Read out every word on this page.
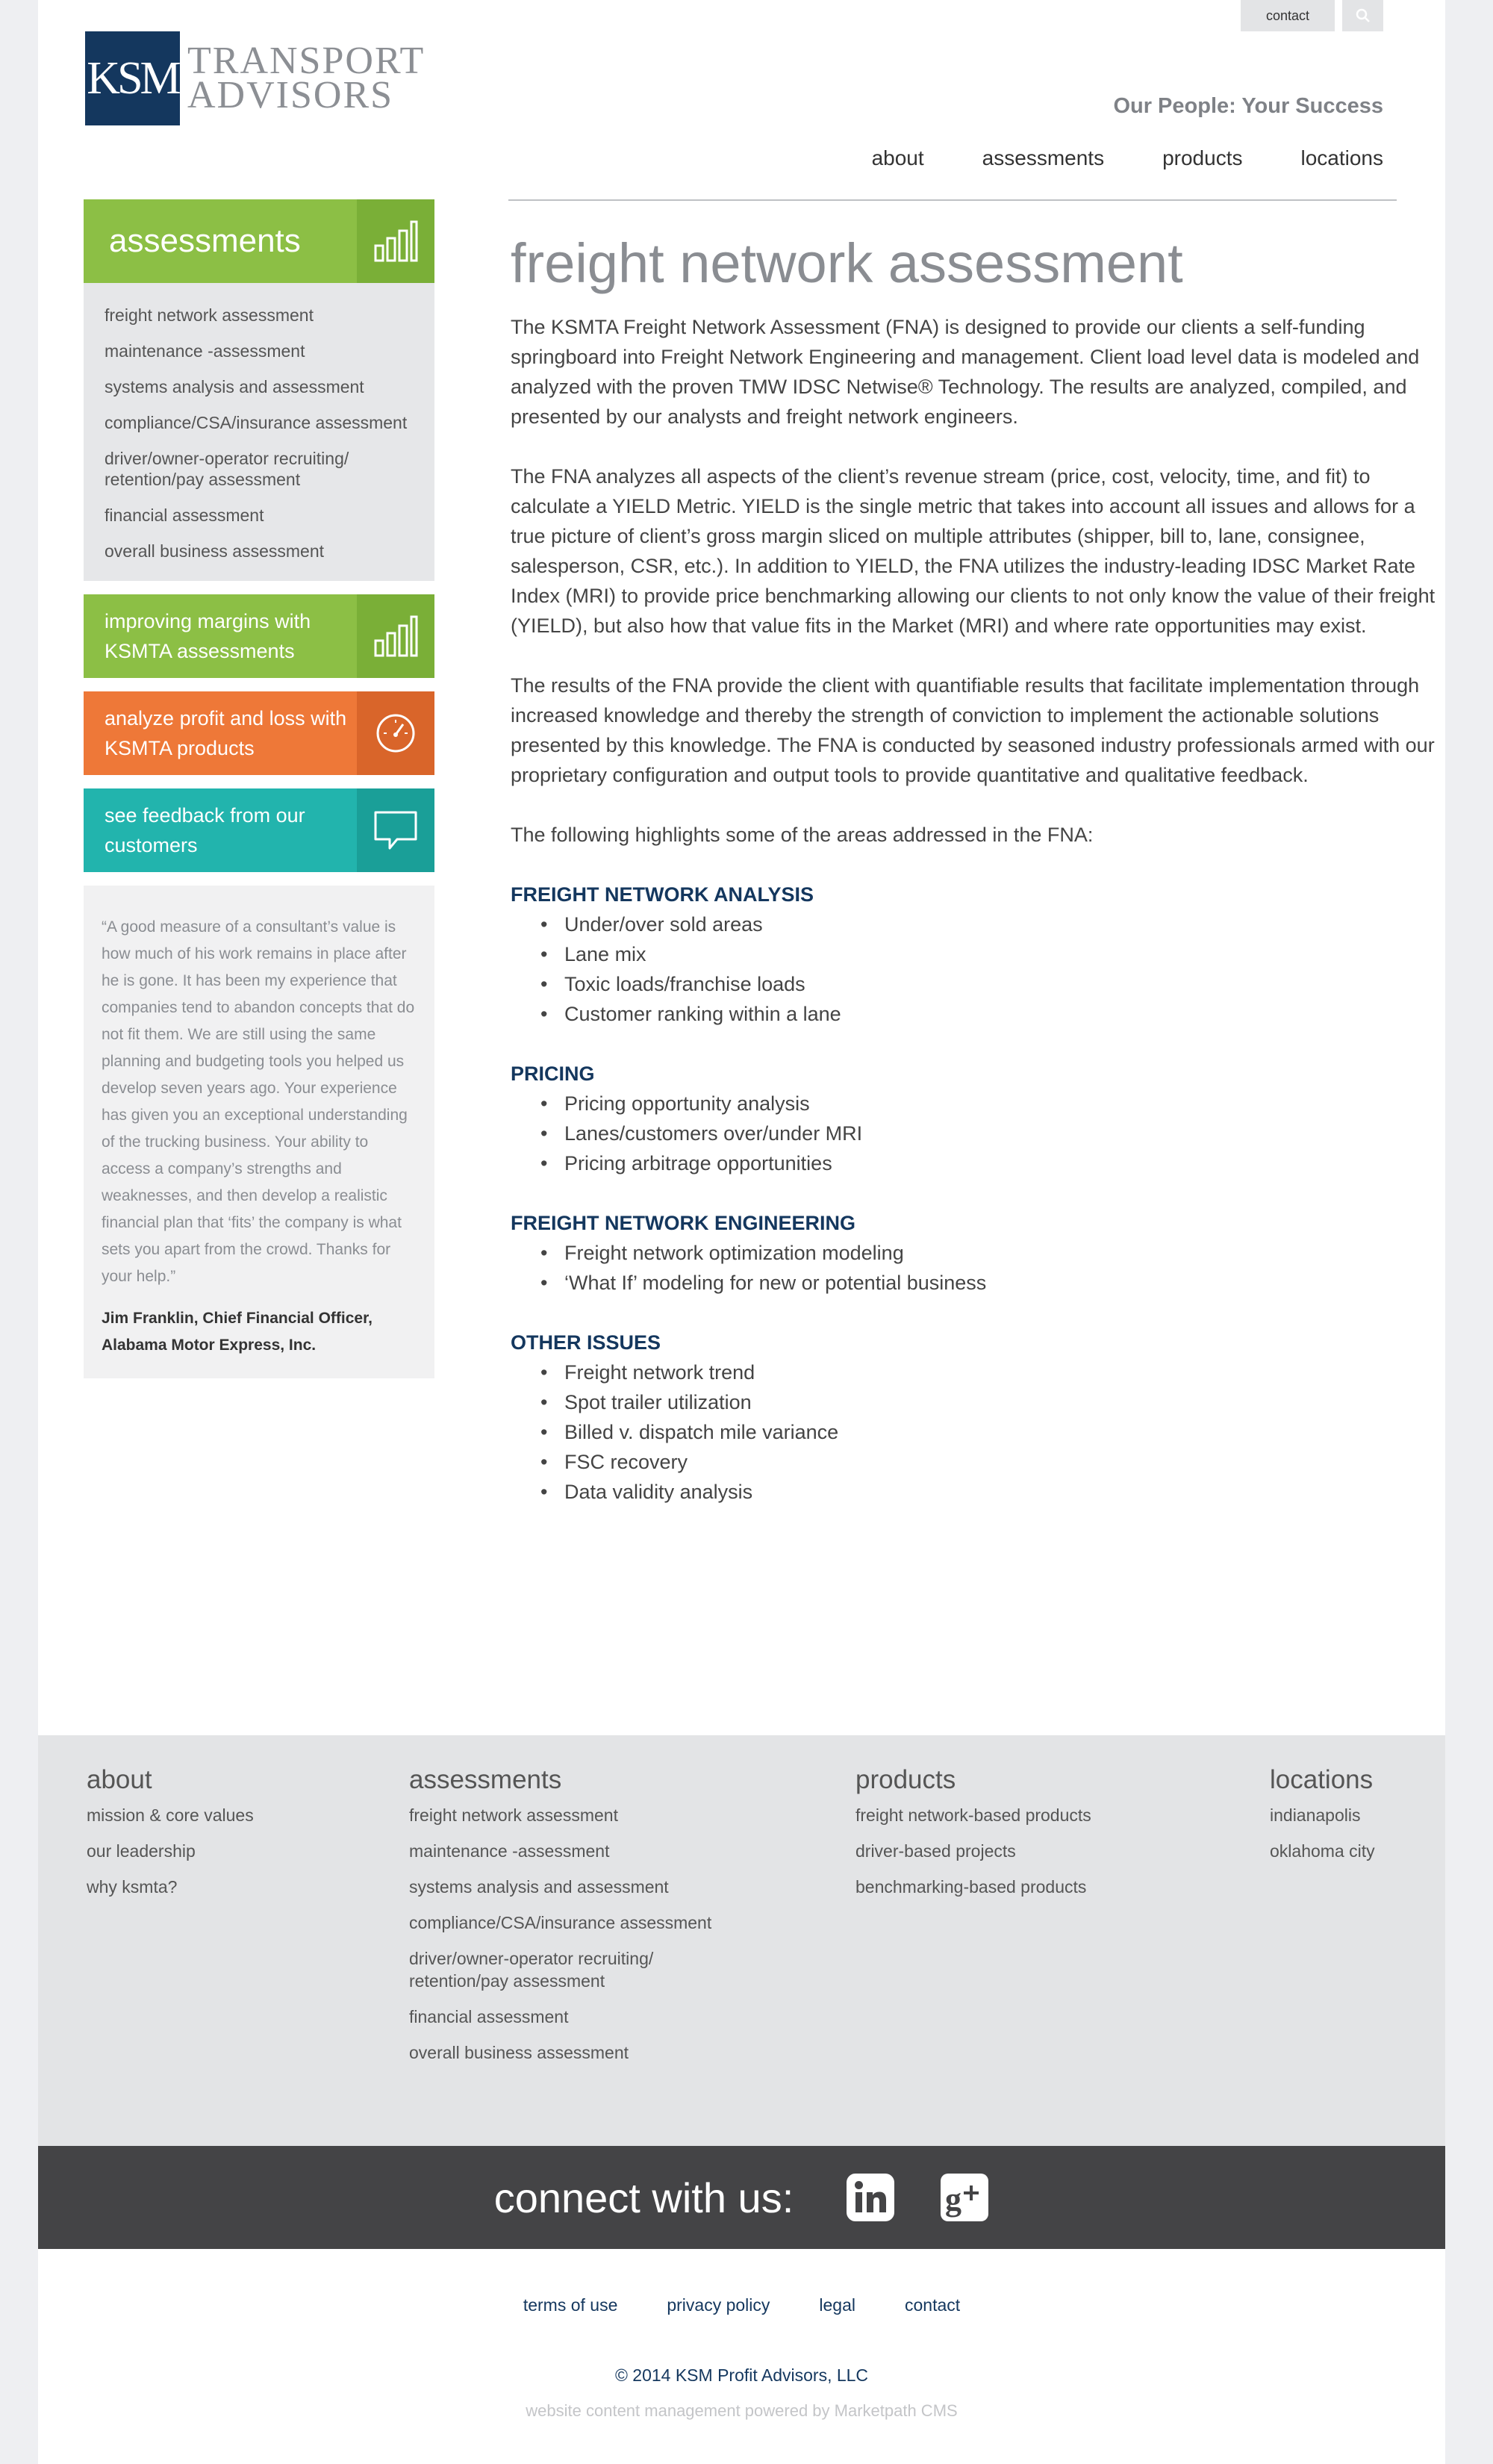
contact
KSM TRANSPORT
ADVISORS	Our People: Your Success
about	assessments	products	locations
assessments
freight network assessment
maintenance -assessment
systems analysis and assessment
compliance/CSA/insurance assessment
driver/owner-operator recruiting/ retention/pay assessment
financial assessment
overall business assessment
improving margins with KSMTA assessments
analyze profit and loss with KSMTA products
see feedback from our customers

“A good measure of a consultant’s value is how much of his work remains in place after he is gone. It has been my experience that companies tend to abandon concepts that do not fit them. We are still using the same planning and budgeting tools you helped us develop seven years ago. Your experience has given you an exceptional understanding of the trucking business. Your ability to access a company’s strengths and weaknesses, and then develop a realistic financial plan that ‘fits’ the company is what sets you apart from the crowd. Thanks for your help.”

Jim Franklin, Chief Financial Officer, Alabama Motor Express, Inc.
freight network assessment

The KSMTA Freight Network Assessment (FNA) is designed to provide our clients a self-funding springboard into Freight Network Engineering and management. Client load level data is modeled and analyzed with the proven TMW IDSC Netwise® Technology. The results are analyzed, compiled, and presented by our analysts and freight network engineers.

The FNA analyzes all aspects of the client’s revenue stream (price, cost, velocity, time, and fit) to calculate a YIELD Metric. YIELD is the single metric that takes into account all issues and allows for a true picture of client’s gross margin sliced on multiple attributes (shipper, bill to, lane, consignee, salesperson, CSR, etc.). In addition to YIELD, the FNA utilizes the industry-leading IDSC Market Rate Index (MRI) to provide price benchmarking allowing our clients to not only know the value of their freight (YIELD), but also how that value fits in the Market (MRI) and where rate opportunities may exist.

The results of the FNA provide the client with quantifiable results that facilitate implementation through increased knowledge and thereby the strength of conviction to implement the actionable solutions presented by this knowledge. The FNA is conducted by seasoned industry professionals armed with our proprietary configuration and output tools to provide quantitative and qualitative feedback.

The following highlights some of the areas addressed in the FNA:

FREIGHT NETWORK ANALYSIS
• Under/over sold areas
• Lane mix
• Toxic loads/franchise loads
• Customer ranking within a lane
PRICING
• Pricing opportunity analysis
• Lanes/customers over/under MRI
• Pricing arbitrage opportunities
FREIGHT NETWORK ENGINEERING
• Freight network optimization modeling
• ‘What If’ modeling for new or potential business
OTHER ISSUES
• Freight network trend
• Spot trailer utilization
• Billed v. dispatch mile variance
• FSC recovery
• Data validity analysis
about
mission & core values
our leadership
why ksmta?
assessments
freight network assessment
maintenance -assessment
systems analysis and assessment
compliance/CSA/insurance assessment
driver/owner-operator recruiting/ retention/pay assessment
financial assessment
overall business assessment
products
freight network-based products
driver-based projects
benchmarking-based products
locations
indianapolis
oklahoma city
connect with us:	g
terms of use	privacy policy	legal	contact
© 2014 KSM Profit Advisors, LLC
website content management powered by Marketpath CMS
